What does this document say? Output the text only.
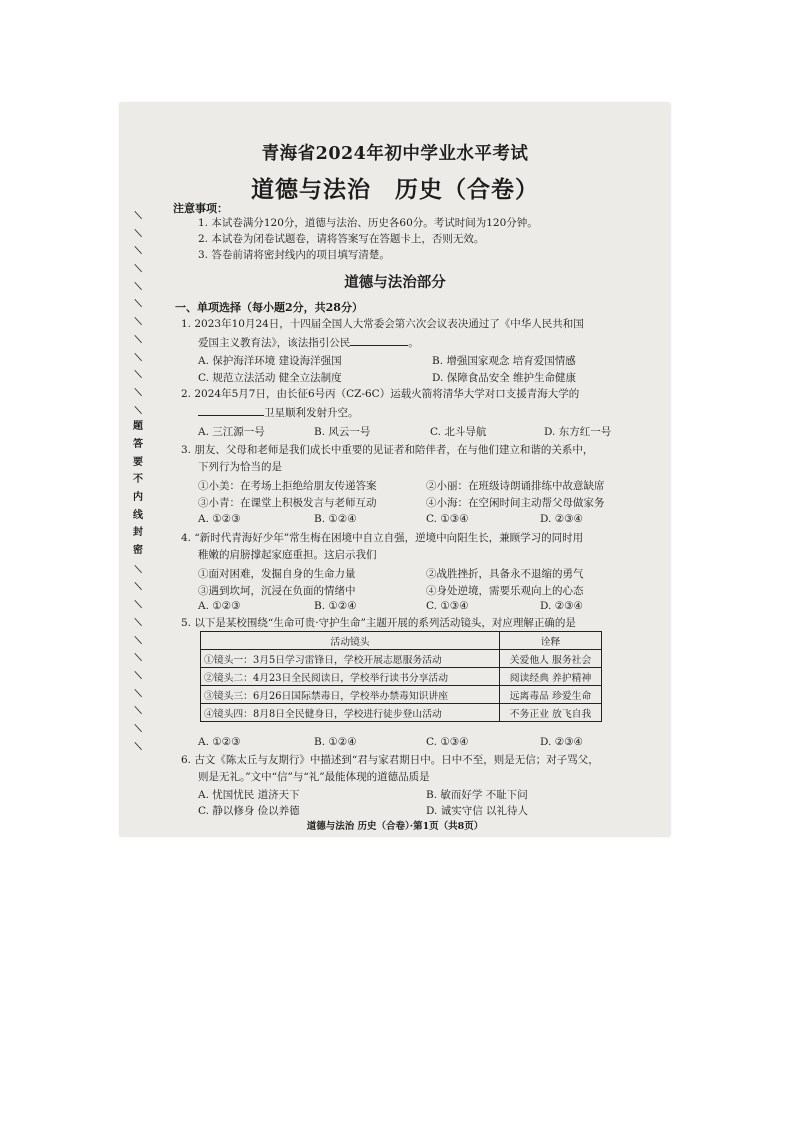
/
/
/
/
/
/
/
/
/
/
/
/
题
答
要
不
内
线
封
密
/
/
/
/
/
/
/
/
/
/
/
青海省2024年初中学业水平考试
道德与法治　历史（合卷）
注意事项：
1. 本试卷满分120分，道德与法治、历史各60分。考试时间为120分钟。
2. 本试卷为闭卷试题卷，请将答案写在答题卡上，否则无效。
3. 答卷前请将密封线内的项目填写清楚。
道德与法治部分
一、单项选择（每小题2分，共28分）
1. 2023年10月24日，十四届全国人大常委会第六次会议表决通过了《中华人民共和国
爱国主义教育法》，该法指引公民	。
A. 保护海洋环境 建设海洋强国	B. 增强国家观念 培育爱国情感
C. 规范立法活动 健全立法制度	D. 保障食品安全 维护生命健康
2. 2024年5月7日，由长征6号丙（CZ-6C）运载火箭将清华大学对口支援青海大学的
卫星顺利发射升空。
A. 三江源一号	B. 风云一号	C. 北斗导航	D. 东方红一号
3. 朋友、父母和老师是我们成长中重要的见证者和陪伴者，在与他们建立和谐的关系中，
下列行为恰当的是
①小美：在考场上拒绝给朋友传递答案	②小丽：在班级诗朗诵排练中故意缺席
③小青：在课堂上积极发言与老师互动	④小海：在空闲时间主动帮父母做家务
A. ①②③	B. ①②④	C. ①③④	D. ②③④
4. “新时代青海好少年”常生梅在困境中自立自强，逆境中向阳生长，兼顾学习的同时用
稚嫩的肩膀撑起家庭重担。这启示我们
①面对困难，发掘自身的生命力量	②战胜挫折，具备永不退缩的勇气
③遇到坎坷，沉浸在负面的情绪中	④身处逆境，需要乐观向上的心态
A. ①②③	B. ①②④	C. ①③④	D. ②③④
5. 以下是某校围绕“生命可贵·守护生命”主题开展的系列活动镜头，对应理解正确的是
活动镜头	诠释
①镜头一：3月5日学习雷锋日，学校开展志愿服务活动	关爱他人 服务社会
②镜头二：4月23日全民阅读日，学校举行读书分享活动	阅读经典 养护精神
③镜头三：6月26日国际禁毒日，学校举办禁毒知识讲座	远离毒品 珍爱生命
④镜头四：8月8日全民健身日，学校进行徒步登山活动	不务正业 放飞自我
A. ①②③	B. ①②④	C. ①③④	D. ②③④
6. 古文《陈太丘与友期行》中描述到“君与家君期日中。日中不至，则是无信；对子骂父，
则是无礼。”文中“信”与“礼”最能体现的道德品质是
A. 忧国忧民 道济天下	B. 敏而好学 不耻下问
C. 静以修身 俭以养德	D. 诚实守信 以礼待人
道德与法治 历史（合卷）·第1页（共8页）
